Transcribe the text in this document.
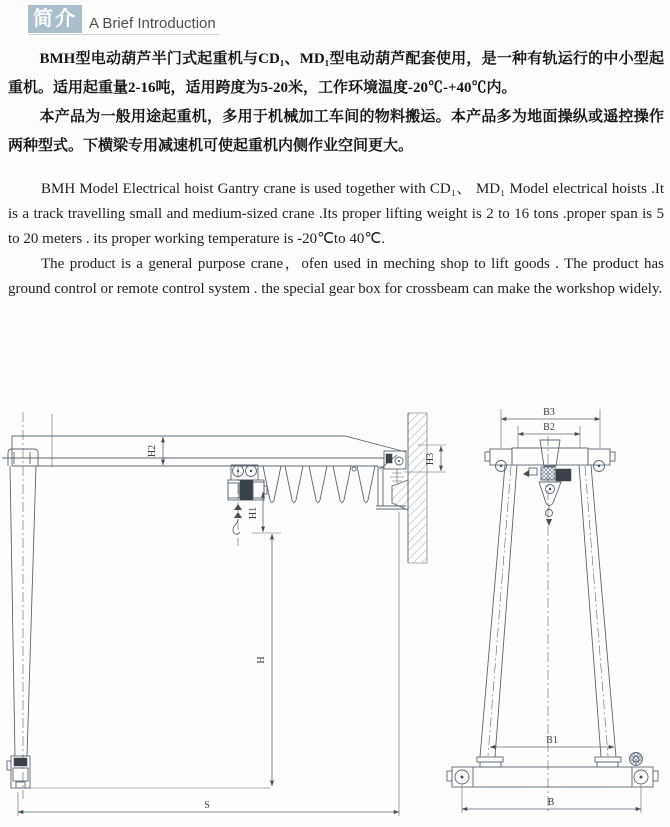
简介 A Brief Introduction

BMH型电动葫芦半门式起重机与CD₁、MD₁型电动葫芦配套使用，是一种有轨运行的中小型起重机。适用起重量2-16吨，适用跨度为5-20米，工作环境温度-20℃-+40℃内。

本产品为一般用途起重机，多用于机械加工车间的物料搬运。本产品多为地面操纵或遥控操作两种型式。下横梁专用减速机可使起重机内侧作业空间更大。

BMH Model Electrical hoist Gantry crane is used together with CD₁、 MD₁ Model electrical hoists .It is a track travelling small and medium-sized crane .Its proper lifting weight is 2 to 16 tons .proper span is 5 to 20 meters . its proper working temperature is -20℃to 40℃.

The product is a general purpose crane，ofen used in meching shop to lift goods . The product has ground control or remote control system . the special gear box for crossbeam can make the workshop widely.

H2
H3
H1
H
S
B3
B2
B1
B
